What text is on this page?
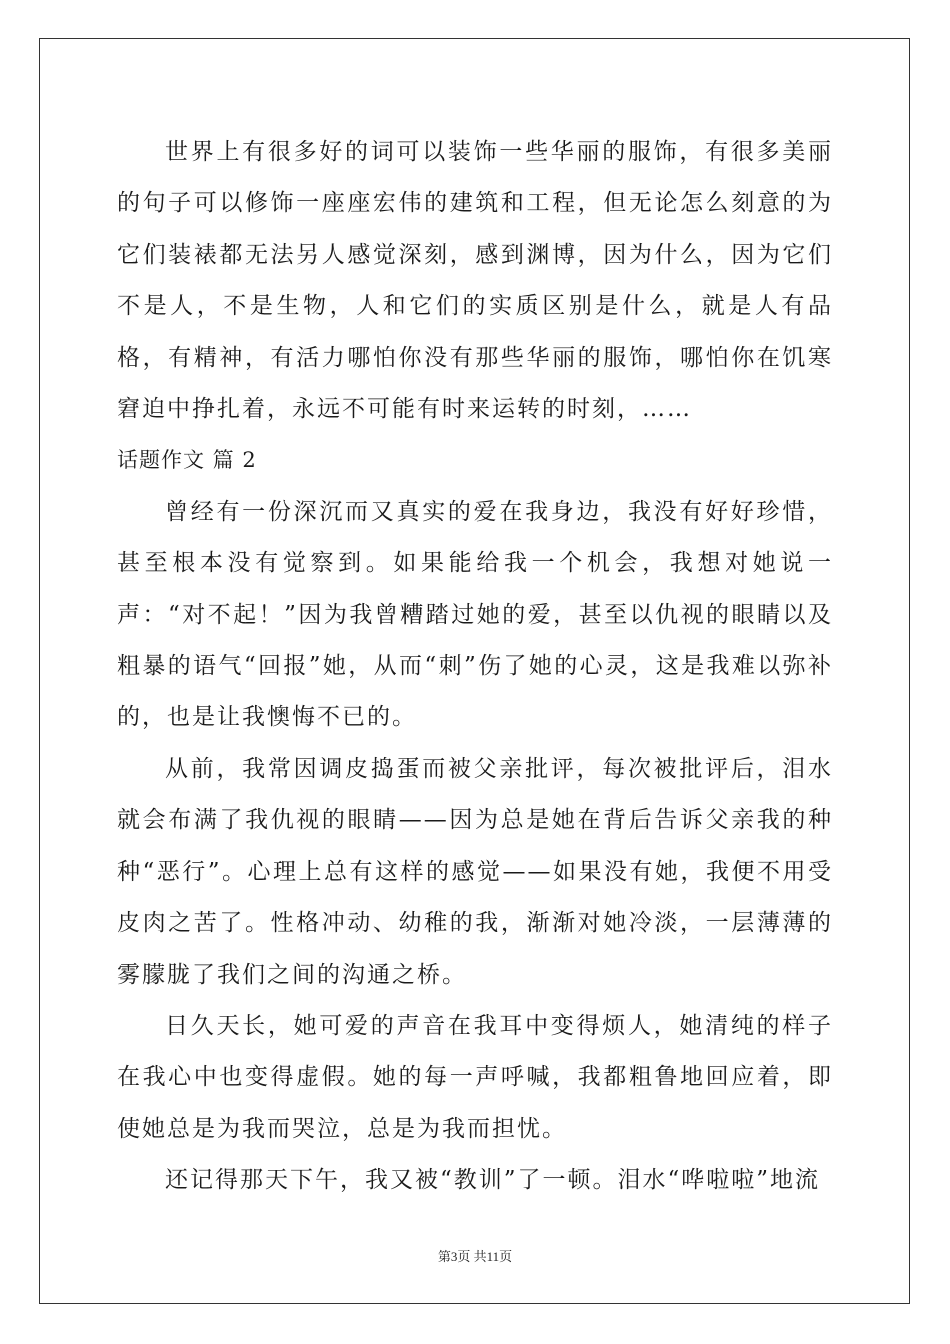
世界上有很多好的词可以装饰一些华丽的服饰，有很多美丽的句子可以修饰一座座宏伟的建筑和工程，但无论怎么刻意的为它们装裱都无法另人感觉深刻，感到渊博，因为什么，因为它们不是人，不是生物，人和它们的实质区别是什么，就是人有品格，有精神，有活力哪怕你没有那些华丽的服饰，哪怕你在饥寒窘迫中挣扎着，永远不可能有时来运转的时刻，……

话题作文 篇 2

曾经有一份深沉而又真实的爱在我身边，我没有好好珍惜，甚至根本没有觉察到。如果能给我一个机会，我想对她说一声：“对不起！”因为我曾糟踏过她的爱，甚至以仇视的眼睛以及粗暴的语气“回报”她，从而“刺”伤了她的心灵，这是我难以弥补的，也是让我懊悔不已的。

从前，我常因调皮捣蛋而被父亲批评，每次被批评后，泪水就会布满了我仇视的眼睛——因为总是她在背后告诉父亲我的种种“恶行”。心理上总有这样的感觉——如果没有她，我便不用受皮肉之苦了。性格冲动、幼稚的我，渐渐对她冷淡，一层薄薄的雾朦胧了我们之间的沟通之桥。

日久天长，她可爱的声音在我耳中变得烦人，她清纯的样子在我心中也变得虚假。她的每一声呼喊，我都粗鲁地回应着，即使她总是为我而哭泣，总是为我而担忧。

还记得那天下午，我又被“教训”了一顿。泪水“哗啦啦”地流

第3页 共11页
